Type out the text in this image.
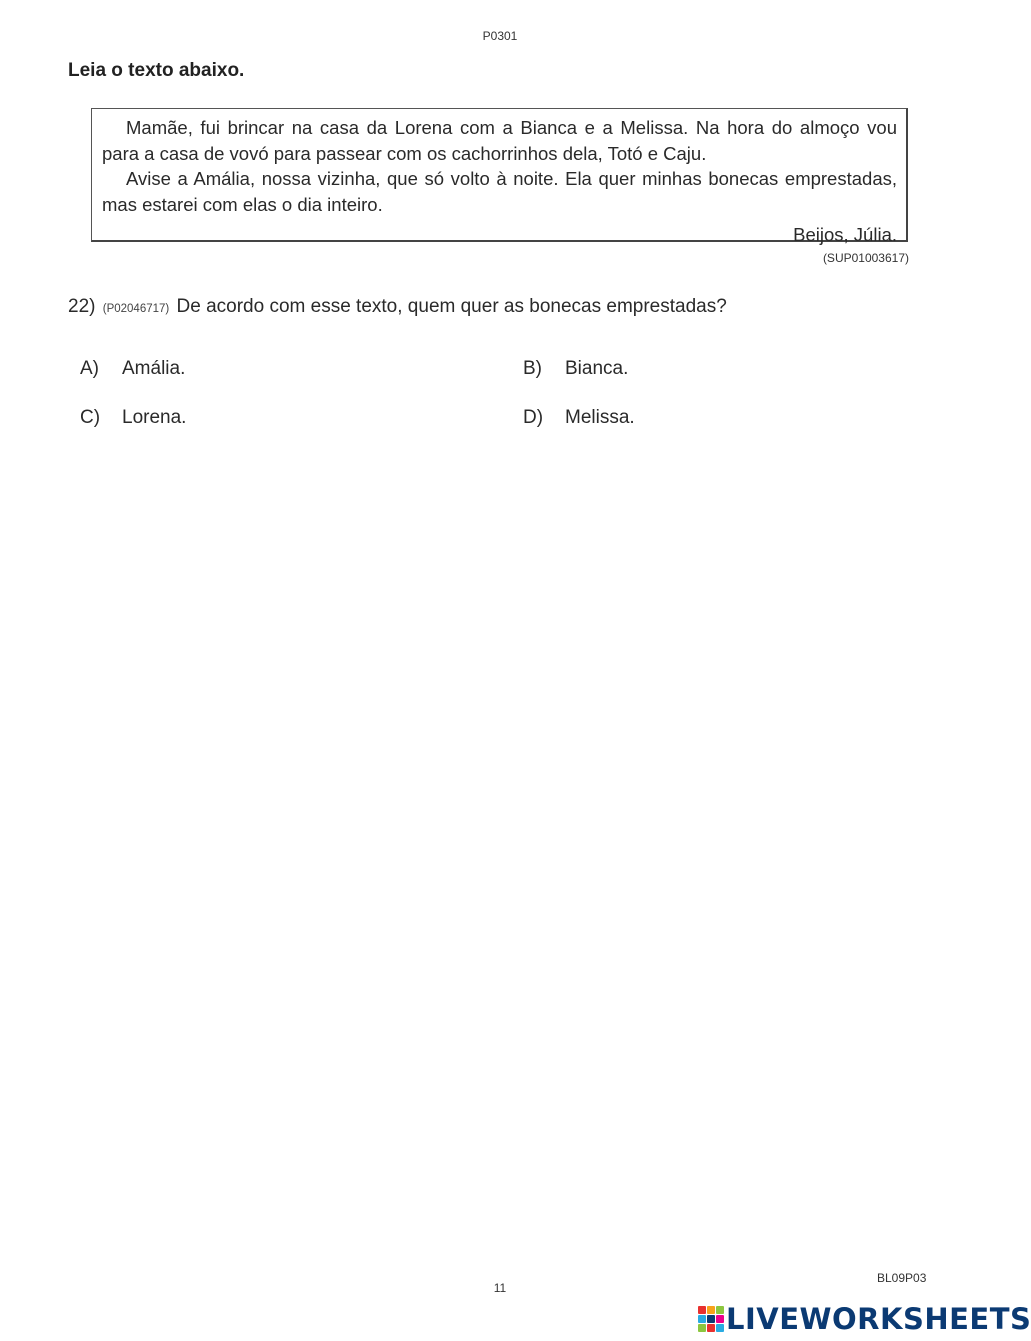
P0301
Leia o texto abaixo.

Mamãe, fui brincar na casa da Lorena com a Bianca e a Melissa. Na hora do almoço vou para a casa de vovó para passear com os cachorrinhos dela, Totó e Caju.

Avise a Amália, nossa vizinha, que só volto à noite. Ela quer minhas bonecas emprestadas, mas estarei com elas o dia inteiro.

Beijos, Júlia.
(SUP01003617)
22) (P02046717) De acordo com esse texto, quem quer as bonecas emprestadas?
A) Amália.	B) Bianca.
C) Lorena.	D) Melissa.
11
BL09P03
LIVEWORKSHEETS
